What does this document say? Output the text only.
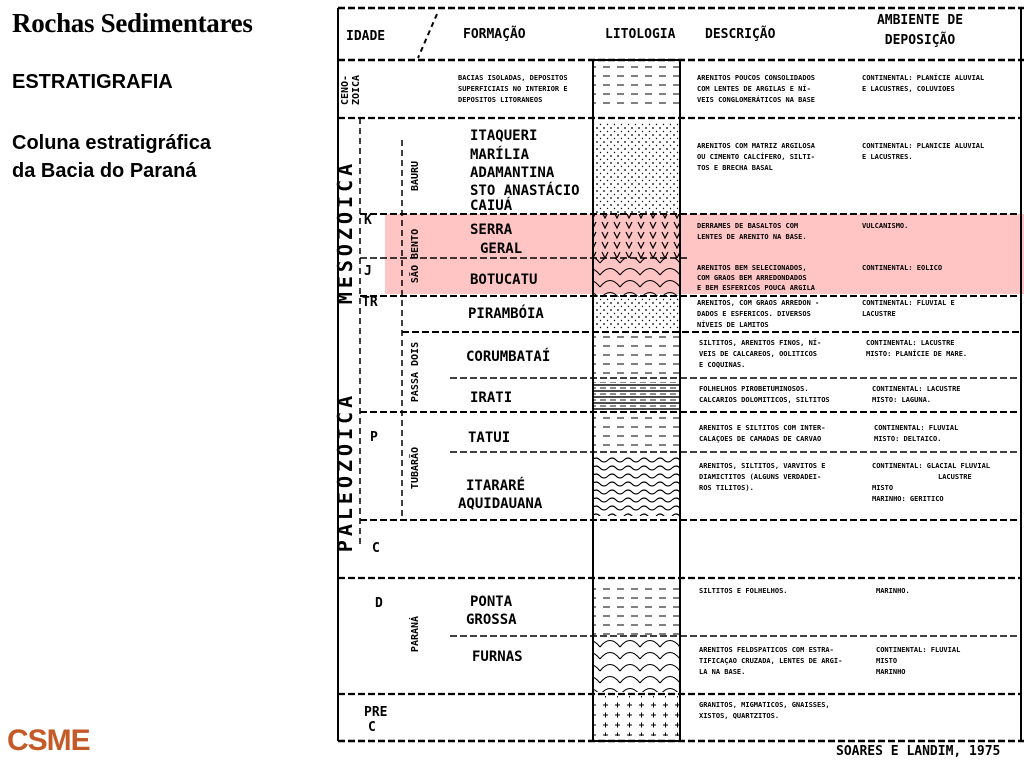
Rochas Sedimentares
ESTRATIGRAFIA
Coluna estratigráfica
da Bacia do Paraná
CSME
IDADE	FORMAÇÃO	LITOLOGIA DESCRIÇÃO
AMBIENTE DE
DEPOSIÇÃO
CENO- ZOICA
MESOZOICA
PALEOZOICA
K
J
TR
P
C
D
PRE
C
BAURU
SÃO BENTO
PASSA DOIS
TUBARÃO
PARANÁ
ITAQUERI
MARÍLIA
ADAMANTINA
STO ANASTÁCIO
CAIUÁ
SERRA
GERAL
BOTUCATU
PIRAMBÓIA
CORUMBATAÍ
IRATI
TATUI
ITARARÉ
AQUIDAUANA
PONTA
GROSSA
FURNAS
BACIAS ISOLADAS, DEPOSITOS
SUPERFICIAIS NO INTERIOR E
DEPOSITOS LITORANEOS
ARENITOS POUCOS CONSOLIDADOS
COM LENTES DE ARGILAS E NÍ-
VEIS CONGLOMERÁTICOS NA BASE
ARENITOS COM MATRIZ ARGILOSA
OU CIMENTO CALCÍFERO, SILTI-
TOS E BRECHA BASAL
DERRAMES DE BASALTOS COM
LENTES DE ARENITO NA BASE.
ARENITOS BEM SELECIONADOS,
COM GRAOS BEM ARREDONDADOS
E BEM ESFERICOS POUCA ARGILA
ARENITOS, COM GRAOS ARREDON -
DADOS E ESFERICOS. DIVERSOS
NÍVEIS DE LAMITOS
SILTITOS, ARENITOS FINOS, NÍ-
VEIS DE CALCAREOS, OOLITICOS
E COQUINAS.
FOLHELHOS PIROBETUMINOSOS.
CALCARIOS DOLOMITICOS, SILTITOS
ARENITOS E SILTITOS COM INTER-
CALAÇOES DE CAMADAS DE CARVAO
ARENITOS, SILTITOS, VARVITOS E
DIAMICTITOS (ALGUNS VERDADEI-
ROS TILITOS).
SILTITOS E FOLHELHOS.
ARENITOS FELDSPATICOS COM ESTRA-
TIFICAÇAO CRUZADA, LENTES DE ARGI-
LA NA BASE.
GRANITOS, MIGMATICOS, GNAISSES,
XISTOS, QUARTZITOS.
CONTINENTAL: PLANÍCIE ALUVIAL
E LACUSTRES, COLUVIOES
CONTINENTAL: PLANICIE ALUVIAL
E LACUSTRES.
VULCANISMO.
CONTINENTAL: EOLICO
CONTINENTAL: FLUVIAL E
LACUSTRE
CONTINENTAL: LACUSTRE
MISTO: PLANÍCIE DE MARE.
CONTINENTAL: LACUSTRE
MISTO: LAGUNA.
CONTINENTAL: FLUVIAL
MISTO: DELTAICO.
CONTINENTAL: GLACIAL FLUVIAL
LACUSTRE
MISTO
MARINHO: GERITICO
MARINHO.
CONTINENTAL: FLUVIAL
MISTO
MARINHO
SOARES E LANDIM, 1975
